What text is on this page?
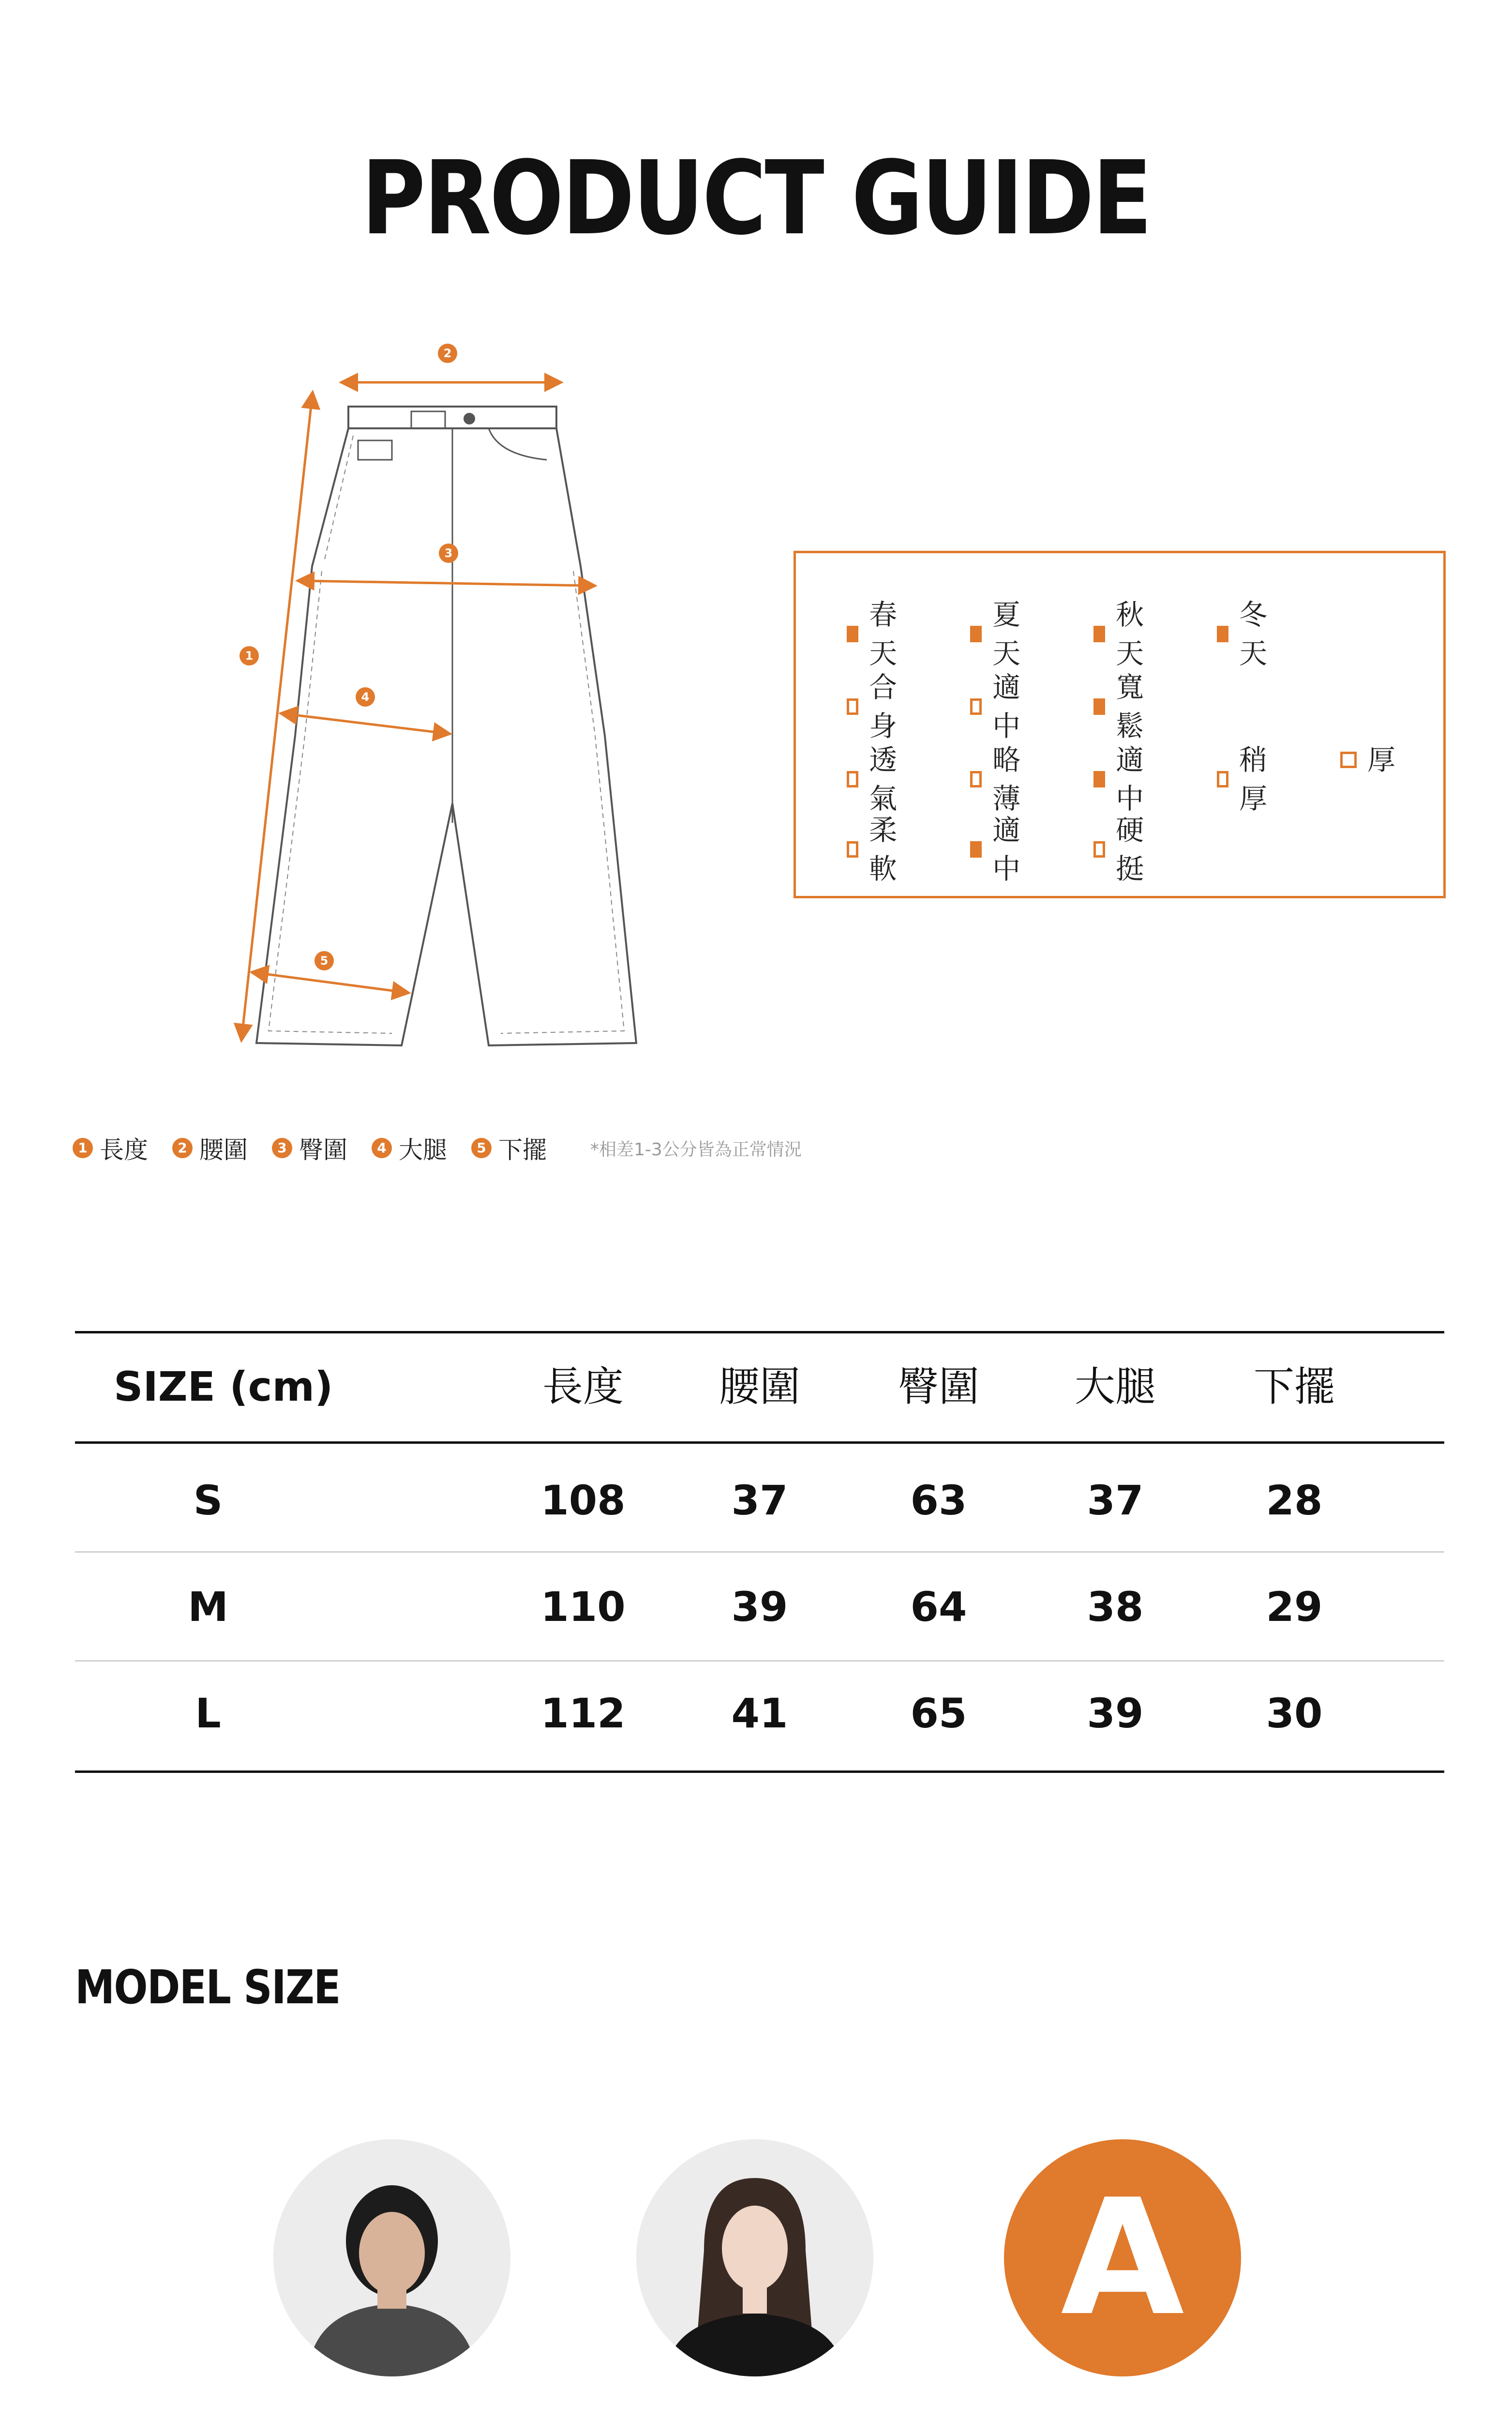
PRODUCT GUIDE
1
2
3
4
5
春天
夏天
秋天
冬天
合身
適中
寬鬆
透氣
略薄
適中
稍厚
厚
柔軟
適中
硬挺
1 長度	2 腰圍	3 臀圍	4 大腿	5 下擺	*相差1-3公分皆為正常情況
SIZE (cm)	長度	腰圍	臀圍	大腿	下擺
S	108	37	63	37	28
M	110	39	64	38	29
L	112	41	65	39	30
MODEL SIZE
A
